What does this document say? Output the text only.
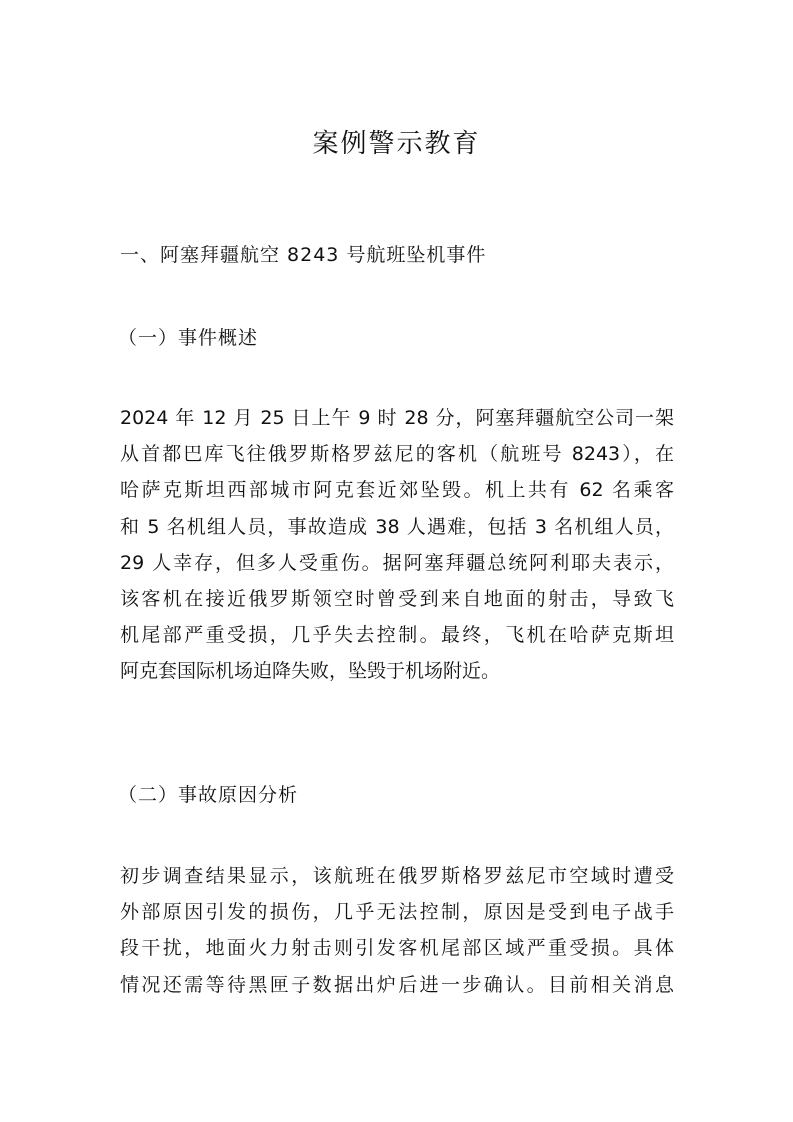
案例警示教育
一、阿塞拜疆航空 8243 号航班坠机事件
（一）事件概述
2024 年 12 月 25 日上午 9 时 28 分，阿塞拜疆航空公司一架
从首都巴库飞往俄罗斯格罗兹尼的客机（航班号 8243），在
哈萨克斯坦西部城市阿克套近郊坠毁。机上共有 62 名乘客
和 5 名机组人员，事故造成 38 人遇难，包括 3 名机组人员，
29 人幸存，但多人受重伤。据阿塞拜疆总统阿利耶夫表示，
该客机在接近俄罗斯领空时曾受到来自地面的射击，导致飞
机尾部严重受损，几乎失去控制。最终，飞机在哈萨克斯坦
阿克套国际机场迫降失败，坠毁于机场附近。
（二）事故原因分析
初步调查结果显示，该航班在俄罗斯格罗兹尼市空域时遭受
外部原因引发的损伤，几乎无法控制，原因是受到电子战手
段干扰，地面火力射击则引发客机尾部区域严重受损。具体
情况还需等待黑匣子数据出炉后进一步确认。目前相关消息
